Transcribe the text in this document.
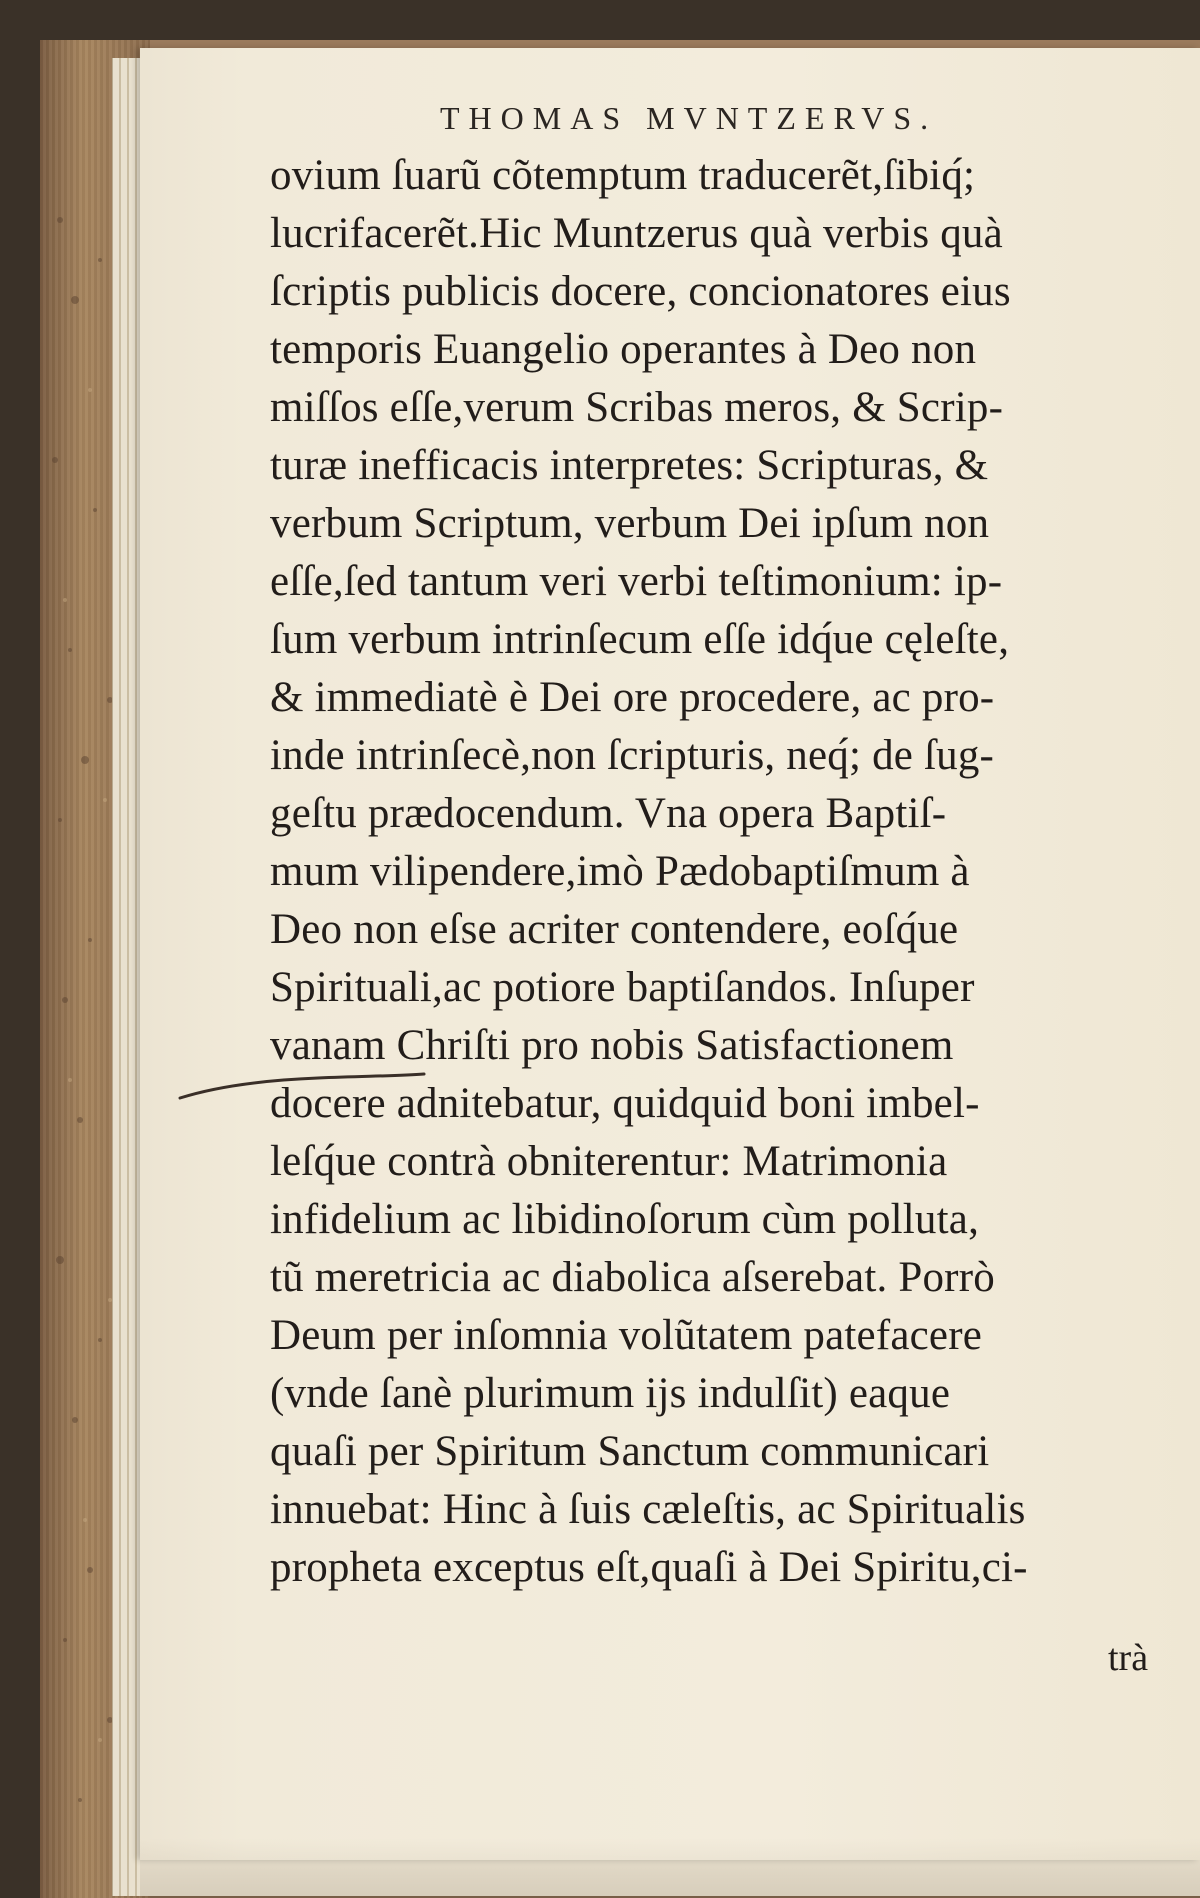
THOMAS MVNTZERVS.
ovium ſuarũ cõtemptum traducerẽt,ſibiq́;
lucrifacerẽt.Hic Muntzerus quà verbis quà
ſcriptis publicis docere, concionatores eius
temporis Euangelio operantes à Deo non
miſſos eſſe,verum Scribas meros, & Scrip-
turæ inefficacis interpretes: Scripturas, &
verbum Scriptum, verbum Dei ipſum non
eſſe,ſed tantum veri verbi teſtimonium: ip-
ſum verbum intrinſecum eſſe idq́ue cęleſte,
& immediatè è Dei ore procedere, ac pro-
inde intrinſecè,non ſcripturis, neq́; de ſug-
geſtu prædocendum. Vna opera Baptiſ-
mum vilipendere,imò Pædobaptiſmum à
Deo non eſse acriter contendere, eoſq́ue
Spirituali,ac potiore baptiſandos. Inſuper
vanam Chriſti pro nobis Satisfactionem
docere adnitebatur, quidquid boni imbel-
leſq́ue contrà obniterentur: Matrimonia
infidelium ac libidinoſorum cùm polluta,
tũ meretricia ac diabolica aſserebat. Porrò
Deum per inſomnia volũtatem patefacere
(vnde ſanè plurimum ijs indulſit) eaque
quaſi per Spiritum Sanctum communicari
innuebat: Hinc à ſuis cæleſtis, ac Spiritualis
propheta exceptus eſt,quaſi à Dei Spiritu,ci-
trà
